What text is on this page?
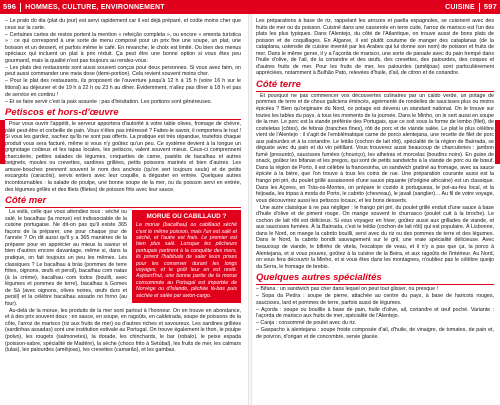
596 HOMMES, CULTURE, ENVIRONNEMENT

– Le prato do dia (plat du jour) est servi rapidement car il est déjà préparé, et coûte moins cher que ceux sur la carte.

– Certaines cartes de restos portent la mention « refeição completa », ou encore « ementa turística » : ce qui correspond à une sorte de menu composé pour un prix fixe une soupe, un plat, une boisson et un dessert, et parfois même le café. En revanche, le choix est limité. Ou bien des menus spéciaux qui incluent un plat à prix réduit. Ça peut être une bonne option si vous êtes peu gourmand, mais la qualité n'est pas toujours au rendez-vous.

– Les plats des restaurants sont aussi souvent conçus pour deux personnes. Si vous avez faim, on peut aussi commander une meia dose (demi-portion). Cela revient souvent moins cher.

– Pour le plat des restaurants, ils proposent de l'ouverture jusqu'à 12 h à 15 h (voire 16 h sur le littoral) au déjeuner et de 19 h à 22 h ou 23 h au dîner. Évidemment, n'allez pas dîner à 18 h et pas de service en continu !

– Et se faire servir c'est la paix assurée : pas d'hésitation. Les portions sont généreuses.

Petiscos et hors-d'œuvre

Pour vous ouvrir l'appétit, le serveur apportera d'autorité à votre table olives, fromage de chèvre, pâté peut-être et corbeille de pain. Vous n'êtes pas intéressé ? Faites-le savoir, il remportera le tout ! Si vous les gardez, sachez qu'ils ne sont pas offerts. La pratique est très répandue, toutefois chaque produit vous sera facturé, même si vous n'y goûtez qu'un peu. Ce système devient à la longue un grignotage coûteux et les tapas locales, les petiscos, valent souvent mieux. Ceux-ci comprennent charcuterie, petites salades de légumes, croquettes de carne, pastéis de bacalhau et autres beignets, moules ou crevettes, sardines grillées, petits poissons marinés et bien d'autres. Les amuse-bouches prennent souvent le nom des anchois (qu'on sert toujours seuls) et de petits escargots (caracóis), servis entiers avec leur coquille, à déguster en entrée. Quelques autres incontournables : la salade de poulpe, une bonne soupe de la mer, ou du poisson servi en entrée, des légumes grillés et des filets (filetes) de poisson frits avec leur sauce.

Côté mer
MORUE OU CABILLAUD ?
La morue (bacalhau) ou cabillaud séché c'est le même poisson, mais l'un est salé et séché, et l'autre est frais. Le premier est bien plus salé. Lorsque les pêcheurs portugais partirent à la conquête des mers, ils prirent l'habitude de saler leurs prises pour les conserver durant les longs voyages, et le goût leur en est resté. Aujourd'hui, une bonne partie de la morue consommée au Portugal est importée de Norvège ou d'Islande, pêchée là-bas puis séchée et salée par avion-cargo.

La voilà, celle que vous attendiez tous : séché ou salé, le bacalhau (la morue) est indissociable de la cuisine portugaise. Ne dit-on pas qu'il existe 365 façons de la préparer, une pour chaque jour de l'année ? On dit aussi qu'il y a 365 manières de la préparer pour en apprécier au mieux la saveur et bien d'autres encore davantage, même si, dans la pratique, on fait toujours un peu les mêmes. Les classiques ? Le bacalhau à brás (pommes de terre frites, oignons, œufs et persil), bacalhau com natas (à la crème), bacalhau com todos (bouilli, avec légumes et pommes de terre), bacalhau à Gomes de Sá (avec oignons, olives noires, œufs durs et persil) et la célèbre bacalhau assado no forno (au four).

Au-delà de la morue, les produits de la mer sont partout à l'honneur. On en trouve en abondance, et à des prix souvent doux : en sauce, en soupe, en ragoûts, en caldeirada, soupe de poissons de la côte, l'arroz de marisco (riz aux fruits de mer) ou d'autres riches et savoureux. Les sardines grillées (sardinhas assadas) sont une institution estivale au Portugal. On trouve également le thon, le poulpe (polvo), les rougets (salmonetes), la dorade, les chinchards, le bar (robalo), le peixe espada (poisson-sabre, spécialité de Madère), la sèche (choco frito à Setúbal), les fruits de mer, les calmars (lulas), les palourdes (amêijoas), les crevettes (camarão), et les gambas.

CUISINE 597

Les préparations à base de riz, rappelant les arrozes et paella espagnoles, se cuisinent avec des fruits de mer ou du poisson. Cuisiné dans une casserole en terre cuite, l'arroz de marisco est l'un des plats les plus typiques. Dans l'Alentejo, du côté de l'Atlantique, on trouve aussi de bons plats de poisson et de coquillages. En Algarve, il est plutôt coutume de manger des cataplanas (de la cataplana, ustensile de cuisine inventé par les Arabes qui lui donne son nom) de poisson et fruits de mer. Dans le même genre, il y a l'açorda de marisco, une sorte de panade avec du pain trempé dans l'huile d'olive, de l'ail, de la coriandre et des œufs, des crevettes, des palourdes, des coques et d'autres fruits de mer. Pour les fruits de mer, les palourdes (amêijoas) sont particulièrement appréciées, notamment à Bulhão Pato, relevées d'huile, d'ail, de citron et de coriandre.

Côté terre

Et pourquoi ne pas commencer vos découvertes culinaires par un caldo verde, un potage de pommes de terre et de choux galiciens émincés, agrémenté de rondelles de saucisses plus ou moins épicées ? Bien qu'originaire du Nord, ce potage est devenu un standard national. On le trouve sur toutes les tables du pays, à tous les moments de la journée. Dans le Minho, on le sert aussi en soupe de la mer. Le porc est la viande préférée des Portugais, que ce soit sous la forme de lombo (filet), de costeletas (côtes), de febras (tranches fines), rôti de porc et de viande salée. Le plat le plus célèbre vient de l'Alentejo : il s'agit de l'emblématique carne de porco alentejana, une recette de filet de porc aux palourdes et à la coriandre. Le leitão (cochon de lait rôti), spécialité de la région de Bairrada, se déguste avec du pain et du vin pétillant. Vous trouverez aussi beaucoup de charcuteries : jambon fumé (presunto), saucisses fumées (chouriço), les alheiras et morcelas (boudins noirs). En guise de snack, goûtez les bifanas et les pregos, qui sont de petits sandwichs à la viande de porc ou de bœuf. Dans la région de Porto, il est célèbre la francesinha, un sandwich gratiné au fromage, avec sa sauce épicée à la bière, que l'on trouve à tous les coins de rue. Une préparation courante aussi est la frango piri piri, du poulet grillé assaisonné d'une sauce piquante (d'origine africaine) est un classique. Dans les Açores, en Trás-os-Montes, on prépare le cozido à portuguesa, le pot-au-feu local, et la feijoada, les tripas à moda do Porto, le cabrito (chevreau), le javali (sanglier)… Au fil de votre voyage, vous découvrirez aussi les petiscos locaux, et les bons desserts.

Une autre classique à ne pas négliger : le frango piri piri, du poulet grillé enduit d'une sauce à base d'huile d'olive et de piment rouge. On mange souvent le churrasco (poulet cuit à la broche). Le cochon de lait rôti est délicieux. Si vous voyagez en hiver, goûtez aussi aux grillades de viande, et aux saucisses fumées. À la Bairrada, c'est le leitão (cochon de lait rôti) qui est populaire. À Lisbonne, dans le Nord, on mange la cabrito bouilli, servi avec du riz ou des pommes de terre et des légumes. Dans le Nord, la cabrito bondit sauvagement sur le gril, une vraie spécialité délicieuse. Avec beaucoup de viande, le bifinho de vitela, l'escalope de veau, et il n'y a pas que ça, la porco à Alentejana, et si vous pouvez, goûtez à la cuisine de la Beira, et aux ragoûts de l'intérieur. Au Nord, on vous fera découvrir la Minho, et si vous êtes dans les montagnes, n'oubliez pas le célèbre queijo da Serra, le fromage de brebis.

Quelques autres spécialités

– Bifana : un sandwich pas cher dans lequel on peut tout glisser, ou presque !

– Sopa da Pedra : soupe de pierre, attachée au centre du pays, à base de haricots rouges, saucisses, lard et pommes de terre, parfois aussi de légumes.

– Açorda : soupe ou bouillie à base de pain, huile d'olive, ail, coriandre et œuf poché. Variante : l'açorda de marisco aux fruits de mer, spécialité de l'Alentejo.

– Canja : consommé de poulet avec du riz.

– Gaspacho à alentejana : soupe froide composée d'ail, d'huile, de vinaigre, de tomates, de pain et, de poivron, d'origan et de concombre, servie glacée.
